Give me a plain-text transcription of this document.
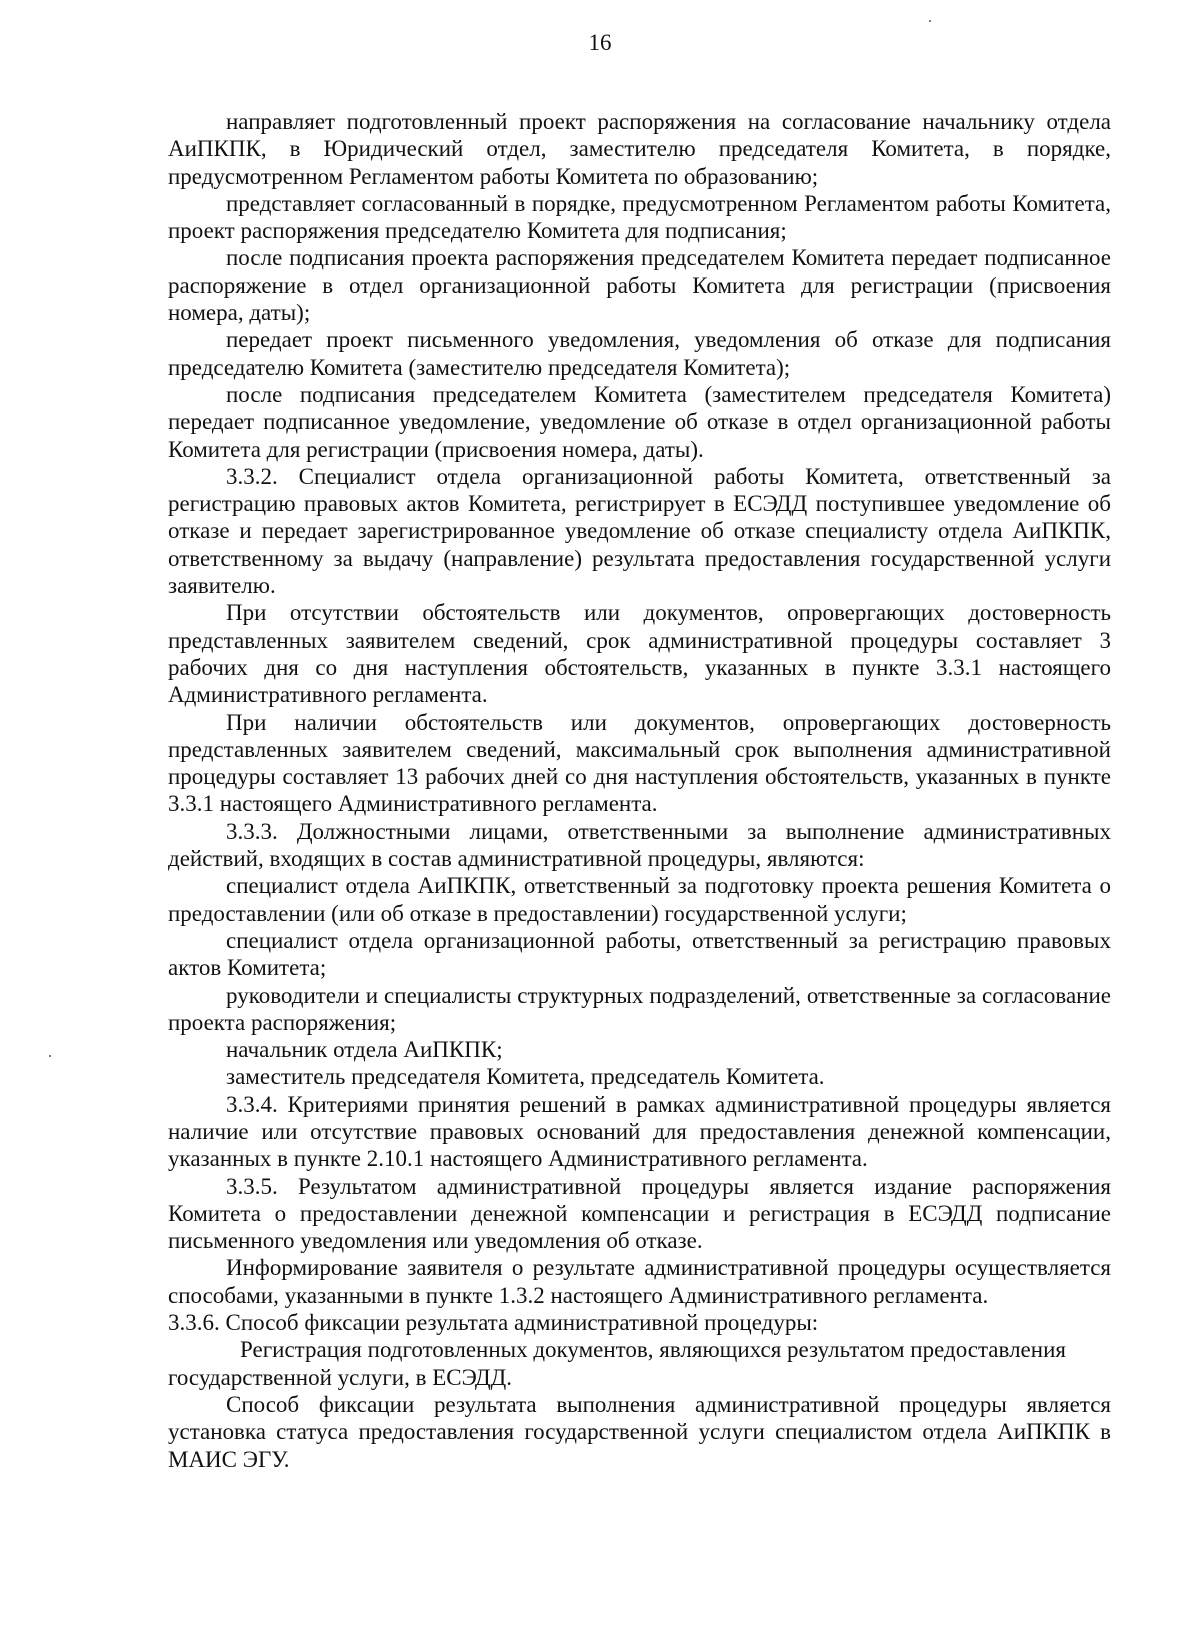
16

направляет подготовленный проект распоряжения на согласование начальнику отдела АиПКПК, в Юридический отдел, заместителю председателя Комитета, в порядке, предусмотренном Регламентом работы Комитета по образованию;

представляет согласованный в порядке, предусмотренном Регламентом работы Комитета, проект распоряжения председателю Комитета для подписания;

после подписания проекта распоряжения председателем Комитета передает подписанное распоряжение в отдел организационной работы Комитета для регистрации (присвоения номера, даты);

передает проект письменного уведомления, уведомления об отказе для подписания председателю Комитета (заместителю председателя Комитета);

после подписания председателем Комитета (заместителем председателя Комитета) передает подписанное уведомление, уведомление об отказе в отдел организационной работы Комитета для регистрации (присвоения номера, даты).

3.3.2. Специалист отдела организационной работы Комитета, ответственный за регистрацию правовых актов Комитета, регистрирует в ЕСЭДД поступившее уведомление об отказе и передает зарегистрированное уведомление об отказе специалисту отдела АиПКПК, ответственному за выдачу (направление) результата предоставления государственной услуги заявителю.

При отсутствии обстоятельств или документов, опровергающих достоверность представленных заявителем сведений, срок административной процедуры составляет 3 рабочих дня со дня наступления обстоятельств, указанных в пункте 3.3.1 настоящего Административного регламента.

При наличии обстоятельств или документов, опровергающих достоверность представленных заявителем сведений, максимальный срок выполнения административной процедуры составляет 13 рабочих дней со дня наступления обстоятельств, указанных в пункте 3.3.1 настоящего Административного регламента.

3.3.3. Должностными лицами, ответственными за выполнение административных действий, входящих в состав административной процедуры, являются:

специалист отдела АиПКПК, ответственный за подготовку проекта решения Комитета о предоставлении (или об отказе в предоставлении) государственной услуги;

специалист отдела организационной работы, ответственный за регистрацию правовых актов Комитета;

руководители и специалисты структурных подразделений, ответственные за согласование проекта распоряжения;

начальник отдела АиПКПК;

заместитель председателя Комитета, председатель Комитета.

3.3.4. Критериями принятия решений в рамках административной процедуры является наличие или отсутствие правовых оснований для предоставления денежной компенсации, указанных в пункте 2.10.1 настоящего Административного регламента.

3.3.5. Результатом административной процедуры является издание распоряжения Комитета о предоставлении денежной компенсации и регистрация в ЕСЭДД подписание письменного уведомления или уведомления об отказе.

Информирование заявителя о результате административной процедуры осуществляется способами, указанными в пункте 1.3.2 настоящего Административного регламента.

3.3.6. Способ фиксации результата административной процедуры:

Регистрация подготовленных документов, являющихся результатом предоставления государственной услуги, в ЕСЭДД.

Способ фиксации результата выполнения административной процедуры является установка статуса предоставления государственной услуги специалистом отдела АиПКПК в МАИС ЭГУ.
